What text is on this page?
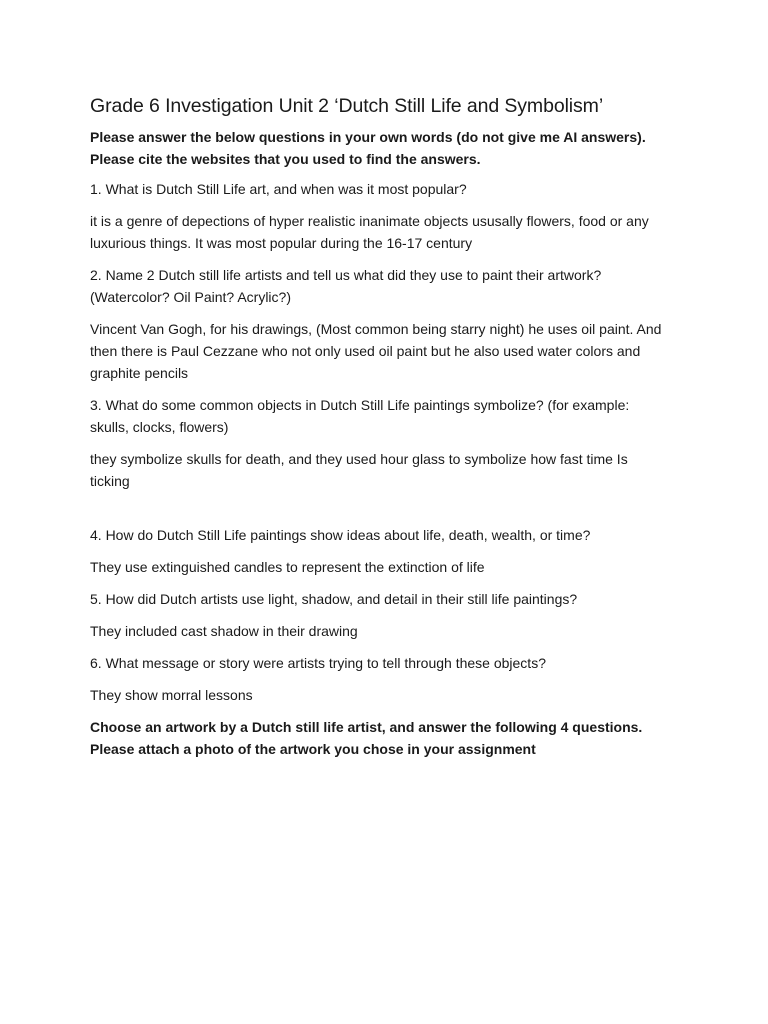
Grade 6 Investigation Unit 2 ‘Dutch Still Life and Symbolism’

Please answer the below questions in your own words (do not give me AI answers). Please cite the websites that you used to find the answers.

1. What is Dutch Still Life art, and when was it most popular?

it is a genre of depections of hyper realistic inanimate objects ususally flowers, food or any luxurious things. It was most popular during the 16-17 century

2. Name 2 Dutch still life artists and tell us what did they use to paint their artwork? (Watercolor? Oil Paint? Acrylic?)

Vincent Van Gogh, for his drawings, (Most common being starry night) he uses oil paint. And then there is Paul Cezzane who not only used oil paint but he also used water colors and graphite pencils

3. What do some common objects in Dutch Still Life paintings symbolize? (for example: skulls, clocks, flowers)

they symbolize skulls for death, and they used hour glass to symbolize how fast time Is ticking

4. How do Dutch Still Life paintings show ideas about life, death, wealth, or time?

They use extinguished candles to represent the extinction of life

5. How did Dutch artists use light, shadow, and detail in their still life paintings?

They included cast shadow in their drawing

6. What message or story were artists trying to tell through these objects?

They show morral lessons

Choose an artwork by a Dutch still life artist, and answer the following 4 questions. Please attach a photo of the artwork you chose in your assignment
